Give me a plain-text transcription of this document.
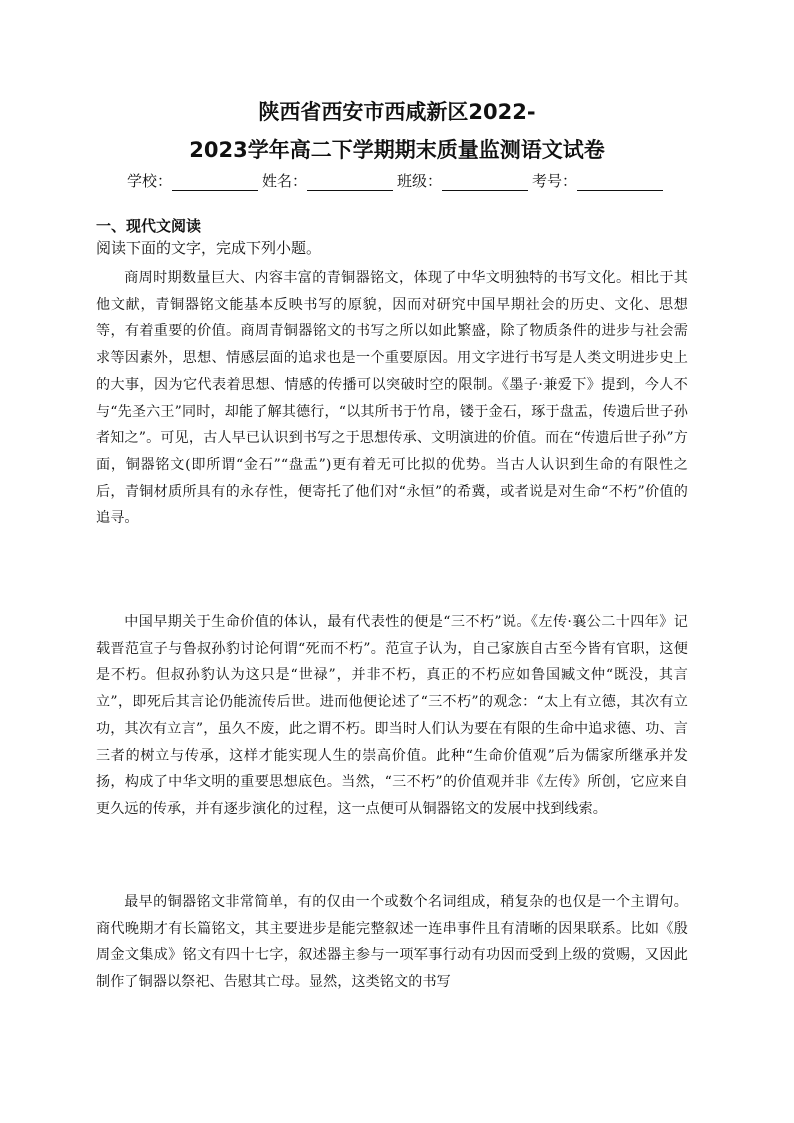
陕西省西安市西咸新区2022-
2023学年高二下学期期末质量监测语文试卷
学校：	姓名：	班级：	考号：
一、现代文阅读
阅读下面的文字，完成下列小题。

商周时期数量巨大、内容丰富的青铜器铭文，体现了中华文明独特的书写文化。相比于其他文献，青铜器铭文能基本反映书写的原貌，因而对研究中国早期社会的历史、文化、思想等，有着重要的价值。商周青铜器铭文的书写之所以如此繁盛，除了物质条件的进步与社会需求等因素外，思想、情感层面的追求也是一个重要原因。用文字进行书写是人类文明进步史上的大事，因为它代表着思想、情感的传播可以突破时空的限制。《墨子·兼爱下》提到，今人不与“先圣六王”同时，却能了解其德行，“以其所书于竹帛，镂于金石，琢于盘盂，传遗后世子孙者知之”。可见，古人早已认识到书写之于思想传承、文明演进的价值。而在“传遗后世子孙”方面，铜器铭文(即所谓“金石”“盘盂”)更有着无可比拟的优势。当古人认识到生命的有限性之后，青铜材质所具有的永存性，便寄托了他们对“永恒”的希冀，或者说是对生命“不朽”价值的追寻。

中国早期关于生命价值的体认，最有代表性的便是“三不朽”说。《左传·襄公二十四年》记载晋范宣子与鲁叔孙豹讨论何谓“死而不朽”。范宣子认为，自己家族自古至今皆有官职，这便是不朽。但叔孙豹认为这只是“世禄”，并非不朽，真正的不朽应如鲁国臧文仲“既没，其言立”，即死后其言论仍能流传后世。进而他便论述了“三不朽”的观念：“太上有立德，其次有立功，其次有立言”，虽久不废，此之谓不朽。即当时人们认为要在有限的生命中追求德、功、言三者的树立与传承，这样才能实现人生的崇高价值。此种“生命价值观”后为儒家所继承并发扬，构成了中华文明的重要思想底色。当然，“三不朽”的价值观并非《左传》所创，它应来自更久远的传承，并有逐步演化的过程，这一点便可从铜器铭文的发展中找到线索。

最早的铜器铭文非常简单，有的仅由一个或数个名词组成，稍复杂的也仅是一个主谓句。商代晚期才有长篇铭文，其主要进步是能完整叙述一连串事件且有清晰的因果联系。比如《殷周金文集成》铭文有四十七字，叙述器主参与一项军事行动有功因而受到上级的赏赐，又因此制作了铜器以祭祀、告慰其亡母。显然，这类铭文的书写
